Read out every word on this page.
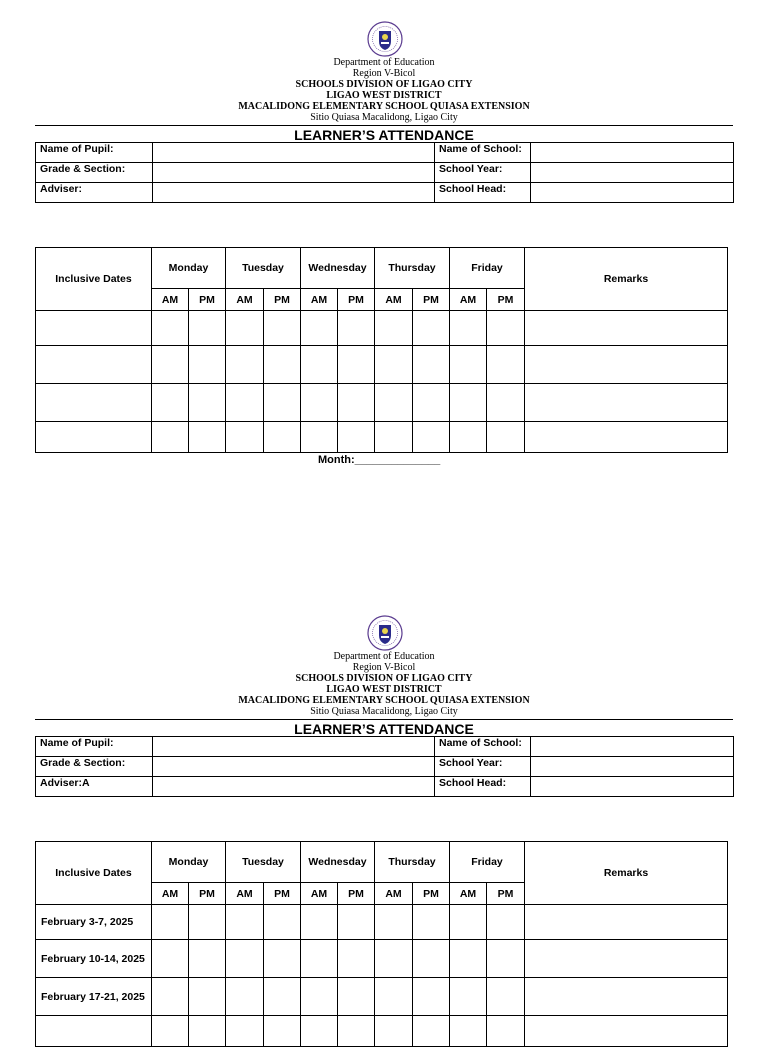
Department of Education
Region V-Bicol
SCHOOLS DIVISION OF LIGAO CITY
LIGAO WEST DISTRICT
MACALIDONG ELEMENTARY SCHOOL QUIASA EXTENSION
Sitio Quiasa Macalidong, Ligao City
LEARNER’S ATTENDANCE
Name of Pupil:		Name of School:	
Grade & Section:		School Year:	
Adviser:		School Head:	
Inclusive Dates	Monday		Tuesday		Wednesday		Thursday		Friday		Remarks
	AM	PM	AM	PM	AM	PM	AM	PM	AM	PM	

Month:______________
Department of Education
Region V-Bicol
SCHOOLS DIVISION OF LIGAO CITY
LIGAO WEST DISTRICT
MACALIDONG ELEMENTARY SCHOOL QUIASA EXTENSION
Sitio Quiasa Macalidong, Ligao City
LEARNER’S ATTENDANCE
Name of Pupil:		Name of School:	
Grade & Section:		School Year:	
Adviser:A		School Head:	
Inclusive Dates	Monday		Tuesday		Wednesday		Thursday		Friday		Remarks
	AM	PM	AM	PM	AM	PM	AM	PM	AM	PM	
February 3-7, 2025											
February 10-14, 2025											
February 17-21, 2025											
